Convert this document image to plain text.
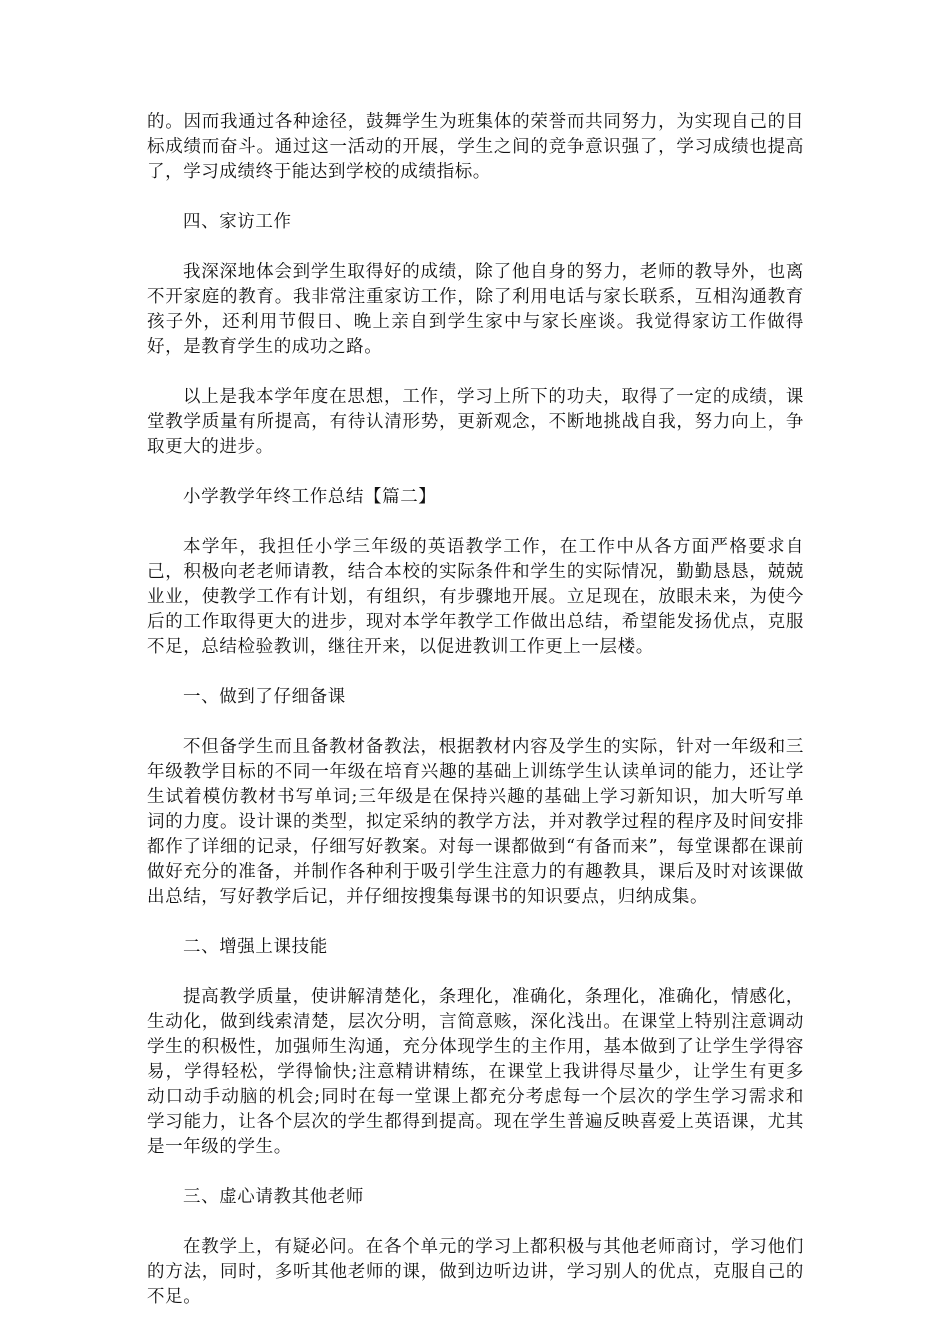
的。因而我通过各种途径，鼓舞学生为班集体的荣誉而共同努力，为实现自己的目标成绩而奋斗。通过这一活动的开展，学生之间的竞争意识强了，学习成绩也提高了，学习成绩终于能达到学校的成绩指标。

四、家访工作

我深深地体会到学生取得好的成绩，除了他自身的努力，老师的教导外，也离不开家庭的教育。我非常注重家访工作，除了利用电话与家长联系，互相沟通教育孩子外，还利用节假日、晚上亲自到学生家中与家长座谈。我觉得家访工作做得好，是教育学生的成功之路。

以上是我本学年度在思想，工作，学习上所下的功夫，取得了一定的成绩，课堂教学质量有所提高，有待认清形势，更新观念，不断地挑战自我，努力向上，争取更大的进步。

小学教学年终工作总结【篇二】

本学年，我担任小学三年级的英语教学工作，在工作中从各方面严格要求自己，积极向老老师请教，结合本校的实际条件和学生的实际情况，勤勤恳恳，兢兢业业，使教学工作有计划，有组织，有步骤地开展。立足现在，放眼未来，为使今后的工作取得更大的进步，现对本学年教学工作做出总结，希望能发扬优点，克服不足，总结检验教训，继往开来，以促进教训工作更上一层楼。

一、做到了仔细备课

不但备学生而且备教材备教法，根据教材内容及学生的实际，针对一年级和三年级教学目标的不同一年级在培育兴趣的基础上训练学生认读单词的能力，还让学生试着模仿教材书写单词;三年级是在保持兴趣的基础上学习新知识，加大听写单词的力度。设计课的类型，拟定采纳的教学方法，并对教学过程的程序及时间安排都作了详细的记录，仔细写好教案。对每一课都做到“有备而来”，每堂课都在课前做好充分的准备，并制作各种利于吸引学生注意力的有趣教具，课后及时对该课做出总结，写好教学后记，并仔细按搜集每课书的知识要点，归纳成集。

二、增强上课技能

提高教学质量，使讲解清楚化，条理化，准确化，条理化，准确化，情感化，生动化，做到线索清楚，层次分明，言简意赅，深化浅出。在课堂上特别注意调动学生的积极性，加强师生沟通，充分体现学生的主作用，基本做到了让学生学得容易，学得轻松，学得愉快;注意精讲精练，在课堂上我讲得尽量少，让学生有更多动口动手动脑的机会;同时在每一堂课上都充分考虑每一个层次的学生学习需求和学习能力，让各个层次的学生都得到提高。现在学生普遍反映喜爱上英语课，尤其是一年级的学生。

三、虚心请教其他老师

在教学上，有疑必问。在各个单元的学习上都积极与其他老师商讨，学习他们的方法，同时，多听其他老师的课，做到边听边讲，学习别人的优点，克服自己的不足。
